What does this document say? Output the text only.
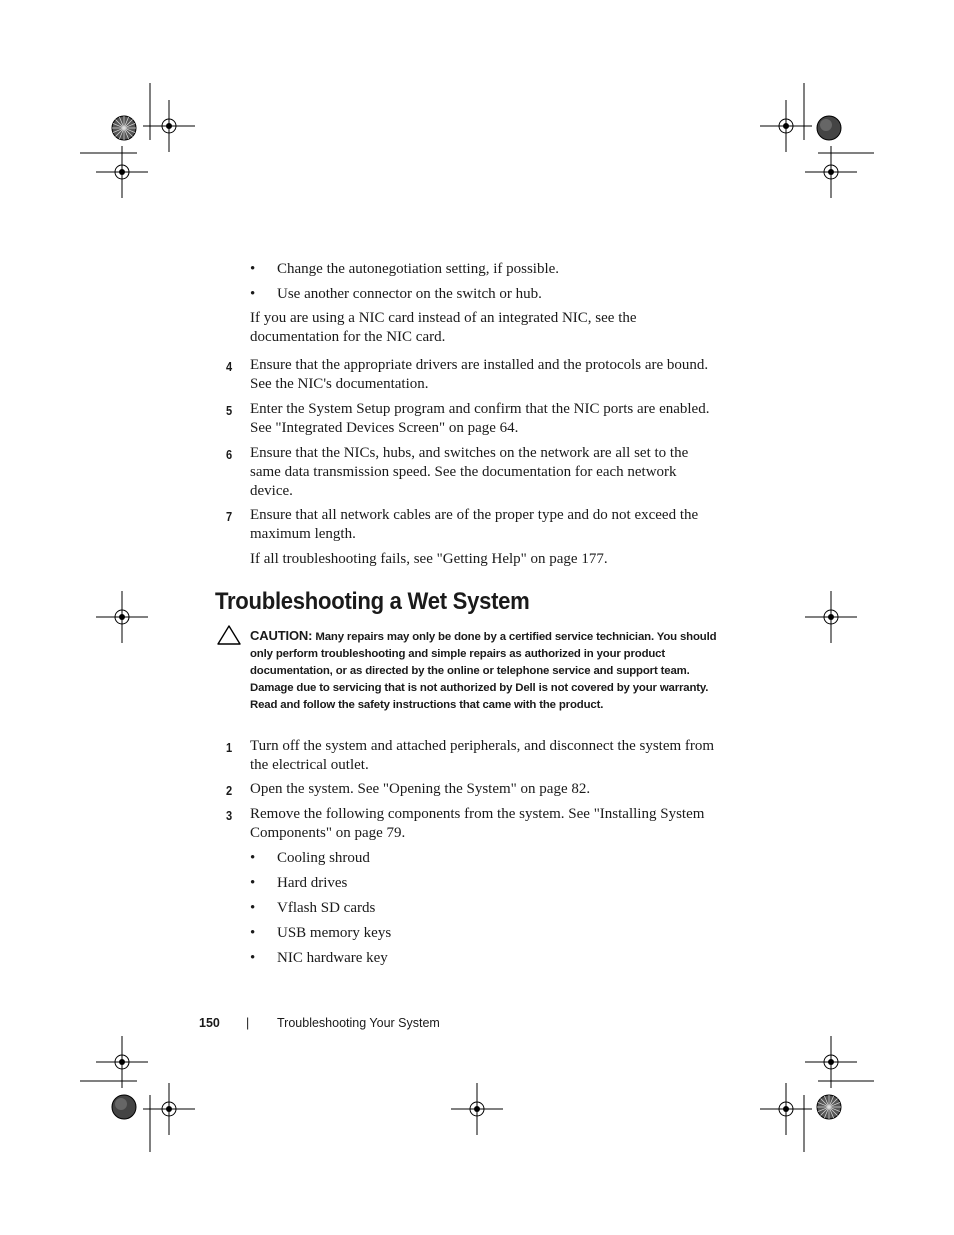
• Change the autonegotiation setting, if possible.
• Use another connector on the switch or hub.
If you are using a NIC card instead of an integrated NIC, see the documentation for the NIC card.
4 Ensure that the appropriate drivers are installed and the protocols are bound. See the NIC's documentation.
5 Enter the System Setup program and confirm that the NIC ports are enabled. See "Integrated Devices Screen" on page 64.
6 Ensure that the NICs, hubs, and switches on the network are all set to the same data transmission speed. See the documentation for each network device.
7 Ensure that all network cables are of the proper type and do not exceed the maximum length.
If all troubleshooting fails, see "Getting Help" on page 177.
Troubleshooting a Wet System
CAUTION: Many repairs may only be done by a certified service technician. You should only perform troubleshooting and simple repairs as authorized in your product documentation, or as directed by the online or telephone service and support team. Damage due to servicing that is not authorized by Dell is not covered by your warranty. Read and follow the safety instructions that came with the product.
1 Turn off the system and attached peripherals, and disconnect the system from the electrical outlet.
2 Open the system. See "Opening the System" on page 82.
3 Remove the following components from the system. See "Installing System Components" on page 79.
• Cooling shroud
• Hard drives
• Vflash SD cards
• USB memory keys
• NIC hardware key
150 | Troubleshooting Your System
